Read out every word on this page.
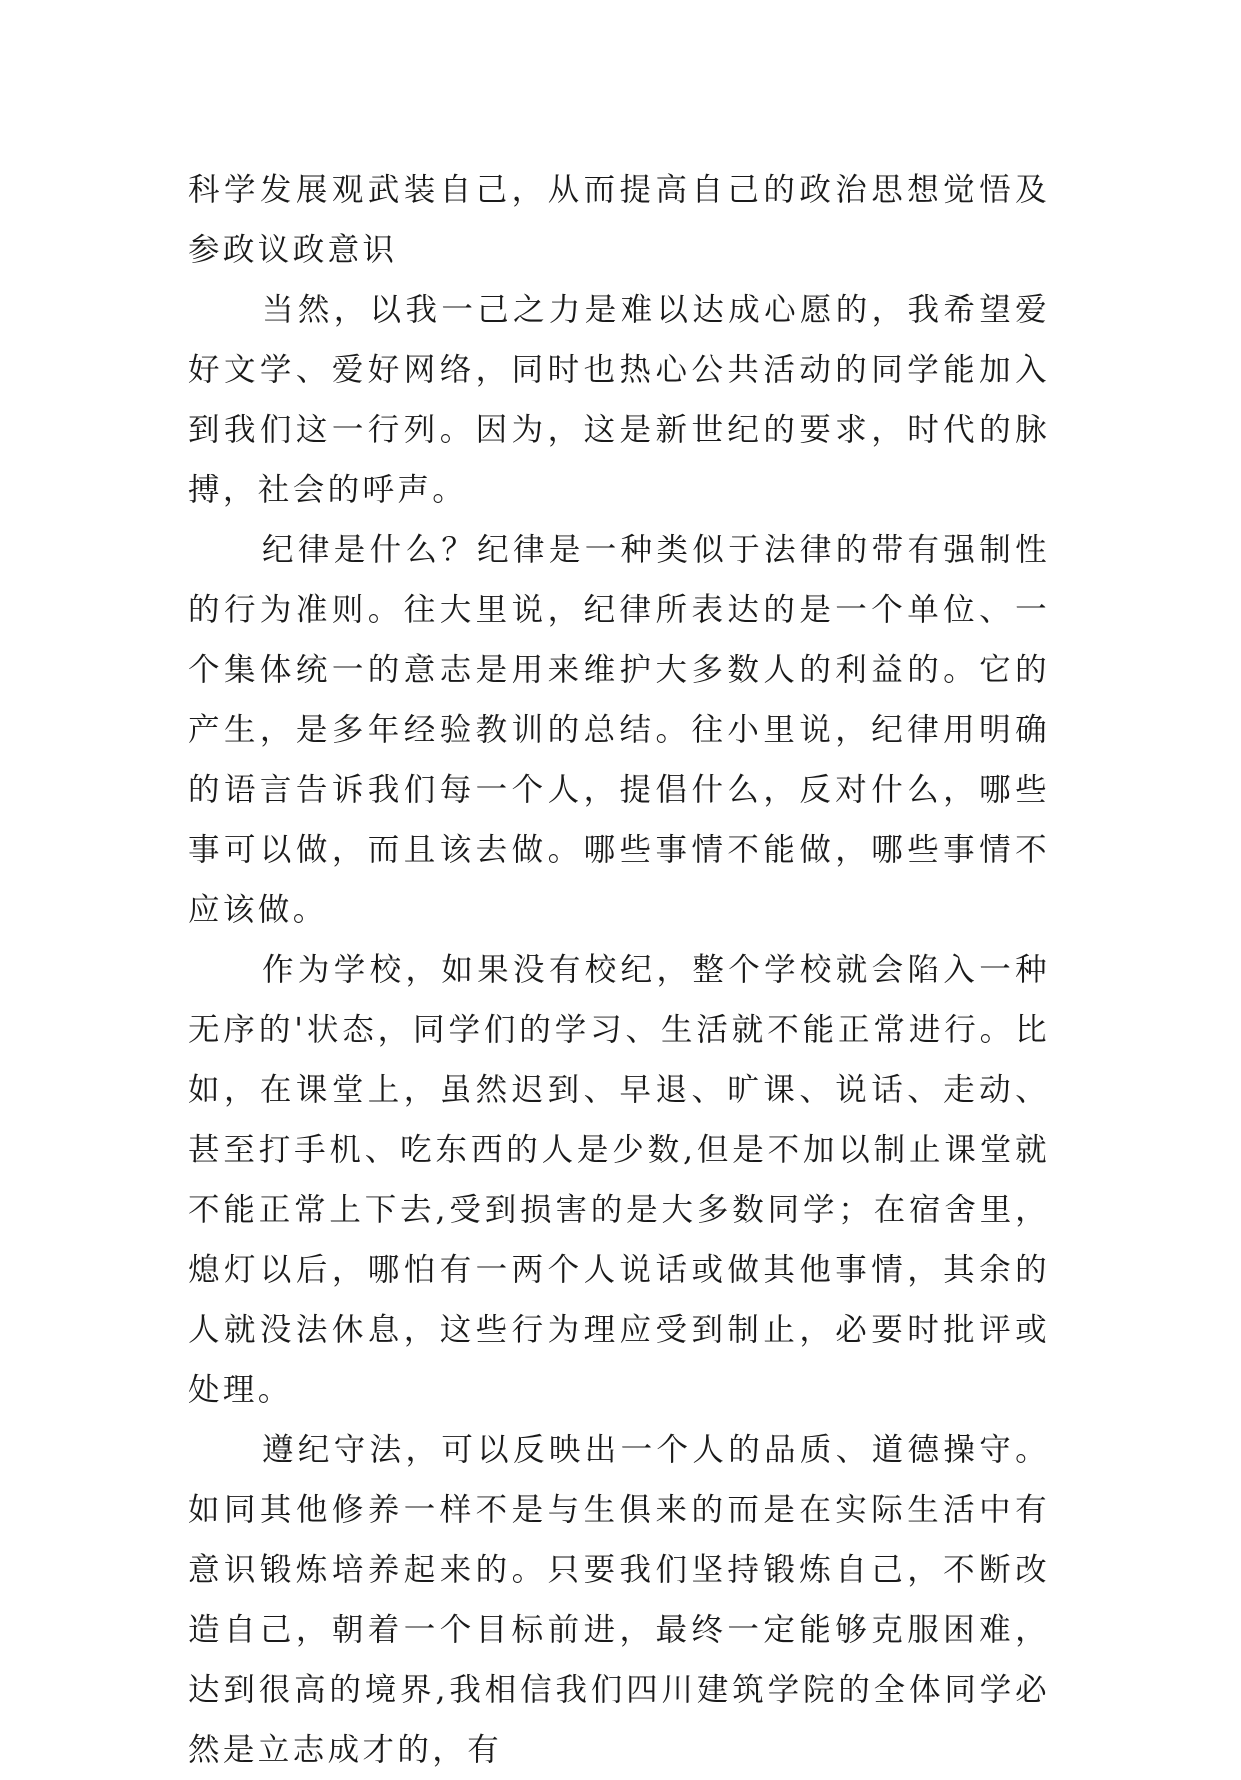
科学发展观武装自己，从而提高自己的政治思想觉悟及参政议政意识

当然，以我一己之力是难以达成心愿的，我希望爱好文学、爱好网络，同时也热心公共活动的同学能加入到我们这一行列。因为，这是新世纪的要求，时代的脉搏，社会的呼声。

纪律是什么？纪律是一种类似于法律的带有强制性的行为准则。往大里说，纪律所表达的是一个单位、一个集体统一的意志是用来维护大多数人的利益的。它的产生，是多年经验教训的总结。往小里说，纪律用明确的语言告诉我们每一个人，提倡什么，反对什么，哪些事可以做，而且该去做。哪些事情不能做，哪些事情不应该做。

作为学校，如果没有校纪，整个学校就会陷入一种无序的'状态，同学们的学习、生活就不能正常进行。比如，在课堂上，虽然迟到、早退、旷课、说话、走动、甚至打手机、吃东西的人是少数,但是不加以制止课堂就不能正常上下去,受到损害的是大多数同学；在宿舍里，熄灯以后，哪怕有一两个人说话或做其他事情，其余的人就没法休息，这些行为理应受到制止，必要时批评或处理。

遵纪守法，可以反映出一个人的品质、道德操守。如同其他修养一样不是与生俱来的而是在实际生活中有意识锻炼培养起来的。只要我们坚持锻炼自己，不断改造自己，朝着一个目标前进，最终一定能够克服困难，达到很高的境界,我相信我们四川建筑学院的全体同学必然是立志成才的，有
